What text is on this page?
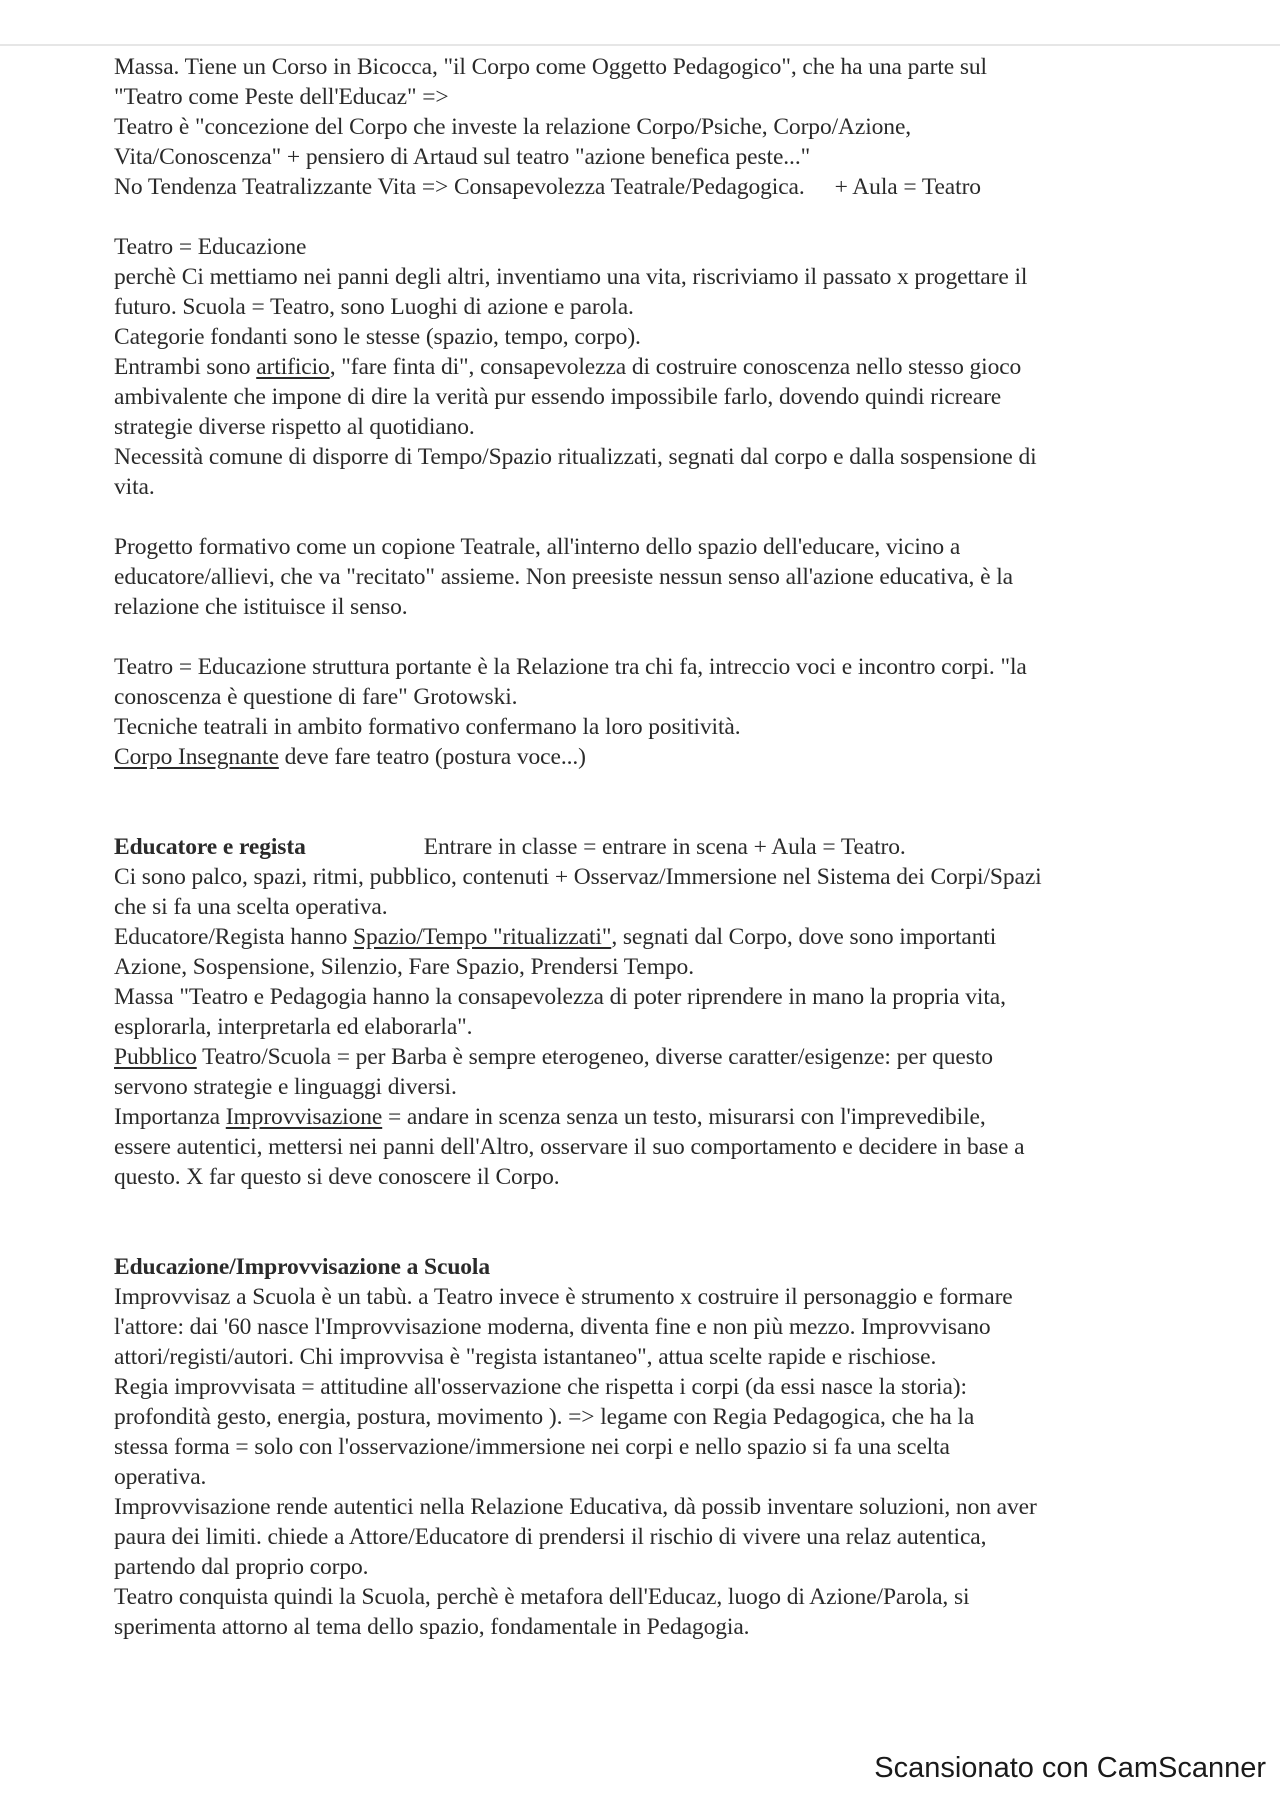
Massa. Tiene un Corso in Bicocca, "il Corpo come Oggetto Pedagogico", che ha una parte sul

"Teatro come Peste dell'Educaz" =>

Teatro è "concezione del Corpo che investe la relazione Corpo/Psiche, Corpo/Azione,

Vita/Conoscenza" + pensiero di Artaud sul teatro "azione benefica peste..."

No Tendenza Teatralizzante Vita => Consapevolezza Teatrale/Pedagogica. + Aula = Teatro

Teatro = Educazione

perchè Ci mettiamo nei panni degli altri, inventiamo una vita, riscriviamo il passato x progettare il

futuro. Scuola = Teatro, sono Luoghi di azione e parola.

Categorie fondanti sono le stesse (spazio, tempo, corpo).

Entrambi sono artificio, "fare finta di", consapevolezza di costruire conoscenza nello stesso gioco

ambivalente che impone di dire la verità pur essendo impossibile farlo, dovendo quindi ricreare

strategie diverse rispetto al quotidiano.

Necessità comune di disporre di Tempo/Spazio ritualizzati, segnati dal corpo e dalla sospensione di

vita.

Progetto formativo come un copione Teatrale, all'interno dello spazio dell'educare, vicino a

educatore/allievi, che va "recitato" assieme. Non preesiste nessun senso all'azione educativa, è la

relazione che istituisce il senso.

Teatro = Educazione struttura portante è la Relazione tra chi fa, intreccio voci e incontro corpi. "la

conoscenza è questione di fare" Grotowski.

Tecniche teatrali in ambito formativo confermano la loro positività.

Corpo Insegnante deve fare teatro (postura voce...)

Educatore e regista	Entrare in classe = entrare in scena + Aula = Teatro.

Ci sono palco, spazi, ritmi, pubblico, contenuti + Osservaz/Immersione nel Sistema dei Corpi/Spazi

che si fa una scelta operativa.

Educatore/Regista hanno Spazio/Tempo "ritualizzati", segnati dal Corpo, dove sono importanti

Azione, Sospensione, Silenzio, Fare Spazio, Prendersi Tempo.

Massa "Teatro e Pedagogia hanno la consapevolezza di poter riprendere in mano la propria vita,

esplorarla, interpretarla ed elaborarla".

Pubblico Teatro/Scuola = per Barba è sempre eterogeneo, diverse caratter/esigenze: per questo

servono strategie e linguaggi diversi.

Importanza Improvvisazione = andare in scenza senza un testo, misurarsi con l'imprevedibile,

essere autentici, mettersi nei panni dell'Altro, osservare il suo comportamento e decidere in base a

questo. X far questo si deve conoscere il Corpo.

Educazione/Improvvisazione a Scuola

Improvvisaz a Scuola è un tabù. a Teatro invece è strumento x costruire il personaggio e formare

l'attore: dai '60 nasce l'Improvvisazione moderna, diventa fine e non più mezzo. Improvvisano

attori/registi/autori. Chi improvvisa è "regista istantaneo", attua scelte rapide e rischiose.

Regia improvvisata = attitudine all'osservazione che rispetta i corpi (da essi nasce la storia):

profondità gesto, energia, postura, movimento ). => legame con Regia Pedagogica, che ha la

stessa forma = solo con l'osservazione/immersione nei corpi e nello spazio si fa una scelta

operativa.

Improvvisazione rende autentici nella Relazione Educativa, dà possib inventare soluzioni, non aver

paura dei limiti. chiede a Attore/Educatore di prendersi il rischio di vivere una relaz autentica,

partendo dal proprio corpo.

Teatro conquista quindi la Scuola, perchè è metafora dell'Educaz, luogo di Azione/Parola, si

sperimenta attorno al tema dello spazio, fondamentale in Pedagogia.

Scansionato con CamScanner
